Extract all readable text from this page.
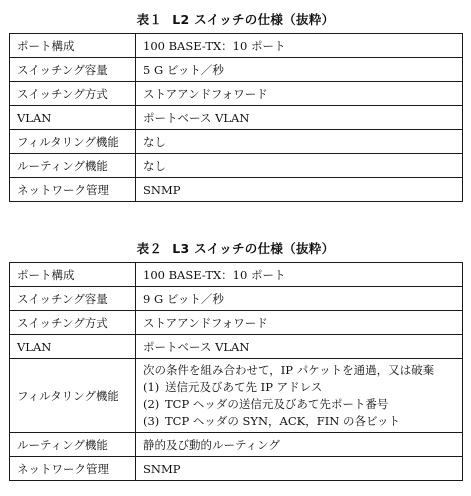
表１ L2 スイッチの仕様（抜粋）
ポート構成	100 BASE-TX：10 ポート
スイッチング容量	5 G ビット／秒
スイッチング方式	ストアアンドフォワード
VLAN	ポートベース VLAN
フィルタリング機能	なし
ルーティング機能	なし
ネットワーク管理	SNMP
表２ L3 スイッチの仕様（抜粋）
ポート構成	100 BASE-TX：10 ポート
スイッチング容量	9 G ビット／秒
スイッチング方式	ストアアンドフォワード
VLAN	ポートベース VLAN
フィルタリング機能	次の条件を組み合わせて，IP パケットを通過，又は破棄
(1) 送信元及びあて先 IP アドレス
(2) TCP ヘッダの送信元及びあて先ポート番号
(3) TCP ヘッダの SYN，ACK，FIN の各ビット

ルーティング機能	静的及び動的ルーティング
ネットワーク管理	SNMP
